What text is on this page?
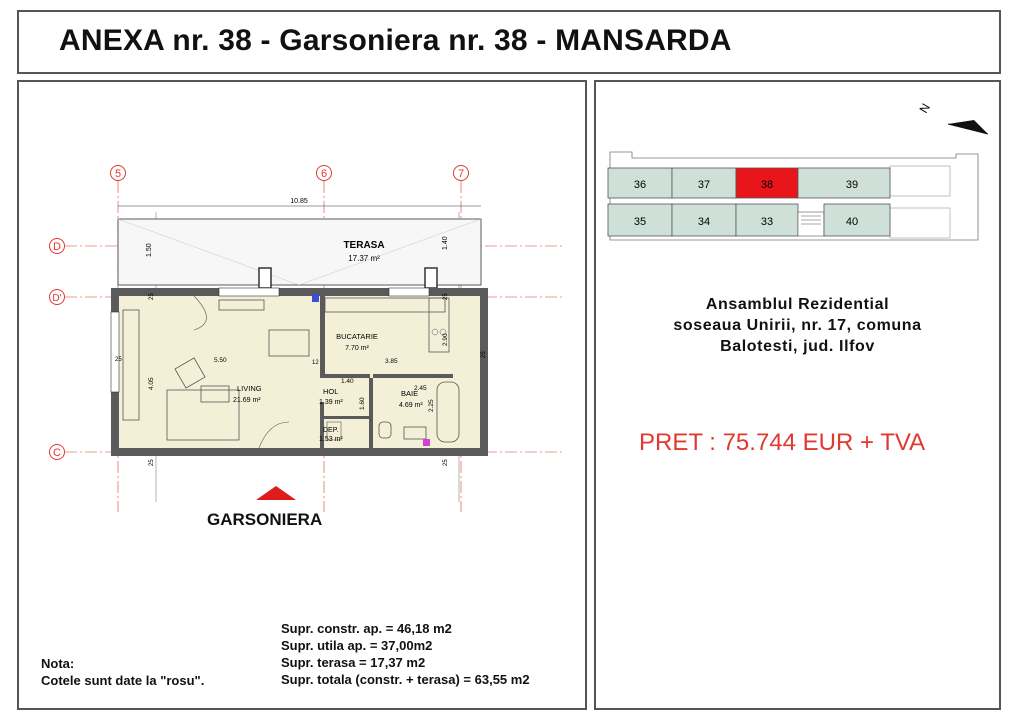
ANEXA nr. 38 - Garsoniera nr. 38 - MANSARDA
5	6	7
D
D'
C
10.85
TERASA
17.37 m²
1.50
1.40
BUCATARIE
7.70 m²
LIVING
21.69 m²
HOL
1.39 m²
BAIE
4.69 m²
DEP.
1.53 m²
5.50
4.05
3.85
2.90
1.40
1.60
2.45
2.25
25	12
25
25	25
25
25
GARSONIERA
Nota:
Cotele sunt date la "rosu".
Supr. constr. ap. = 46,18 m2
Supr. utila ap. = 37,00m2
Supr. terasa = 17,37 m2
Supr. totala (constr. + terasa) = 63,55 m2
N
36	37	38	39
35	34	33	40
Ansamblul Rezidential
soseaua Unirii, nr. 17, comuna
Balotesti, jud. Ilfov
PRET : 75.744 EUR + TVA
